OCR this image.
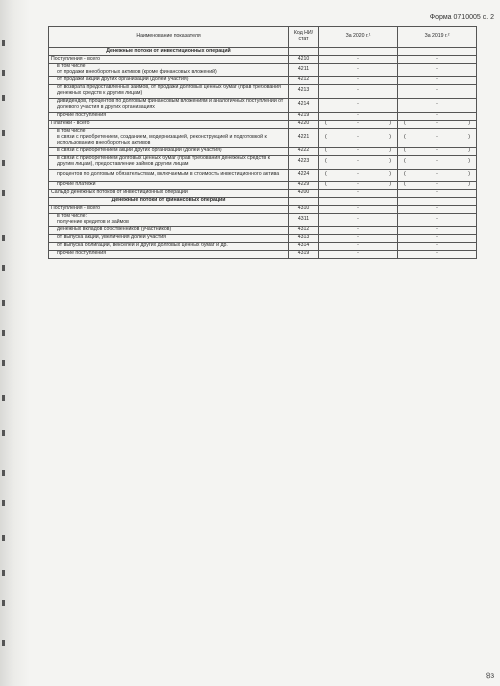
Форма 0710005 с. 2
Наименование показателя	Код НИ/ стат	За 2020 г.¹	За 2019 г.²
Денежные потоки от инвестиционных операций			
Поступления - всего	4210	-	-

в том числе
от продажи внеоборотных активов (кроме финансовых вложений)	4211	-	-
от продажи акций других организаций (долей участия)	4212	-	-
от возврата предоставленных займов, от продажи долговых ценных бумаг (прав требования денежных средств к другим лицам)	4213	-	-
дивидендов, процентов по долговым финансовым вложениям и аналогичных поступлений от долевого участия в других организациях	4214	-	-
прочие поступления	4219	-	-
Платежи - всего	4220	( - )	( - )

в том числе
в связи с приобретением, созданием, модернизацией, реконструкцией и подготовкой к использованию внеоборотных активов	4221	( - )	( - )

в связи с приобретением акций других организаций (долей участия)	4222	( - )	( - )

в связи с приобретением долговых ценных бумаг (прав требования денежных средств к другим лицам), предоставление займов другим лицам	4223	( - )	( - )

процентов по долговым обязательствам, включаемым в стоимость инвестиционного актива	4224	( - )	( - )

прочие платежи	4229	( - )	( - )

Сальдо денежных потоков от инвестиционных операций	4200	-	-
Денежные потоки от финансовых операций			
Поступления - всего	4310	-	-

в том числе:
получение кредитов и займов	4311	-	-
денежных вкладов собственников (участников)	4312	-	-
от выпуска акций, увеличения долей участия	4313	-	-
от выпуска облигаций, векселей и других долговых ценных бумаг и др.	4314	-	-
прочие поступления	4319	-	-
8з
